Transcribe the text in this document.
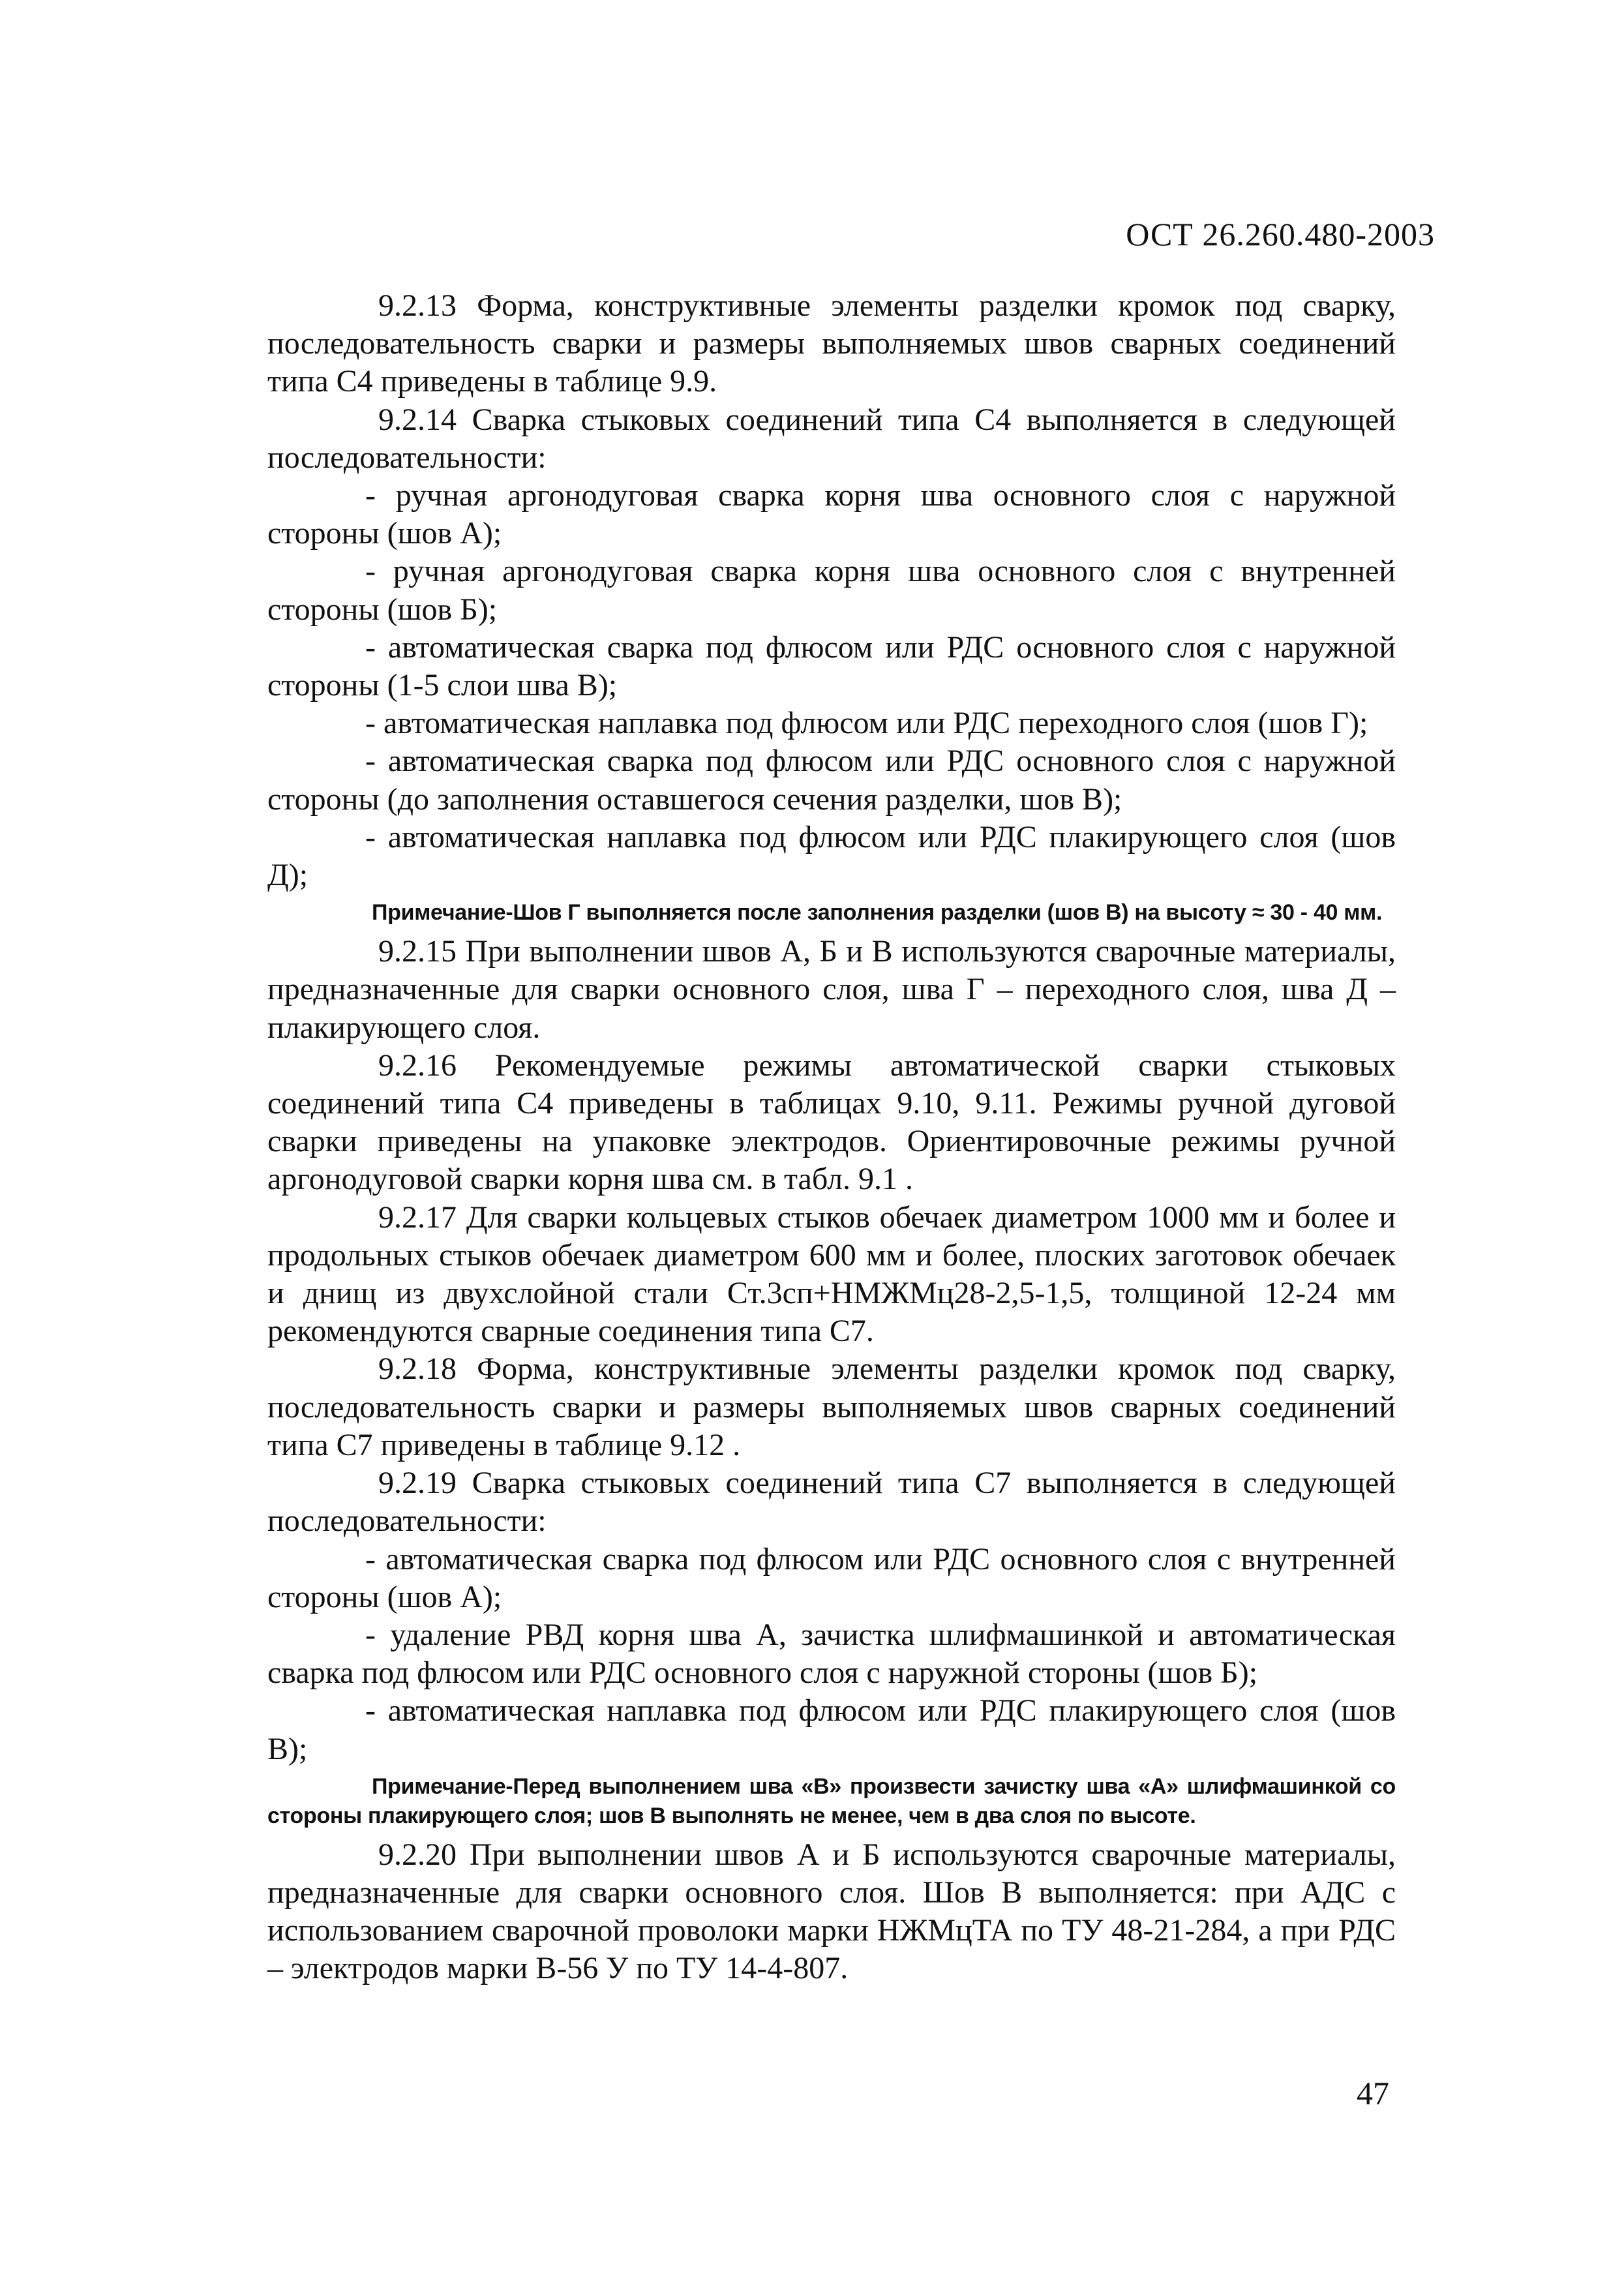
ОСТ 26.260.480-2003

9.2.13 Форма, конструктивные элементы разделки кромок под сварку, последовательность сварки и размеры выполняемых швов сварных соединений типа С4 приведены в таблице 9.9.

9.2.14 Сварка стыковых соединений типа С4 выполняется в следующей последовательности:

- ручная аргонодуговая сварка корня шва основного слоя с наружной стороны (шов А);

- ручная аргонодуговая сварка корня шва основного слоя с внутренней стороны (шов Б);

- автоматическая сварка под флюсом или РДС основного слоя с наружной стороны (1-5 слои шва В);

- автоматическая наплавка под флюсом или РДС переходного слоя (шов Г);

- автоматическая сварка под флюсом или РДС основного слоя с наружной стороны (до заполнения оставшегося сечения разделки, шов В);

- автоматическая наплавка под флюсом или РДС плакирующего слоя (шов Д);

Примечание-Шов Г выполняется после заполнения разделки (шов В) на высоту ≈ 30 - 40 мм.

9.2.15 При выполнении швов А, Б и В используются сварочные материалы, предназначенные для сварки основного слоя, шва Г – переходного слоя, шва Д – плакирующего слоя.

9.2.16 Рекомендуемые режимы автоматической сварки стыковых соединений типа С4 приведены в таблицах 9.10, 9.11. Режимы ручной дуговой сварки приведены на упаковке электродов. Ориентировочные режимы ручной аргонодуговой сварки корня шва см. в табл. 9.1 .

9.2.17 Для сварки кольцевых стыков обечаек диаметром 1000 мм и более и продольных стыков обечаек диаметром 600 мм и более, плоских заготовок обечаек и днищ из двухслойной стали Ст.3сп+НМЖМц28-2,5-1,5, толщиной 12-24 мм рекомендуются сварные соединения типа С7.

9.2.18 Форма, конструктивные элементы разделки кромок под сварку, последовательность сварки и размеры выполняемых швов сварных соединений типа С7 приведены в таблице 9.12 .

9.2.19 Сварка стыковых соединений типа С7 выполняется в следующей последовательности:

- автоматическая сварка под флюсом или РДС основного слоя с внутренней стороны (шов А);

- удаление РВД корня шва А, зачистка шлифмашинкой и автоматическая сварка под флюсом или РДС основного слоя с наружной стороны (шов Б);

- автоматическая наплавка под флюсом или РДС плакирующего слоя (шов В);

Примечание-Перед выполнением шва «В» произвести зачистку шва «А» шлифмашинкой со стороны плакирующего слоя; шов В выполнять не менее, чем в два слоя по высоте.

9.2.20 При выполнении швов А и Б используются сварочные материалы, предназначенные для сварки основного слоя. Шов В выполняется: при АДС с использованием сварочной проволоки марки НЖМцТА по ТУ 48-21-284, а при РДС – электродов марки В-56 У по ТУ 14-4-807.

47
